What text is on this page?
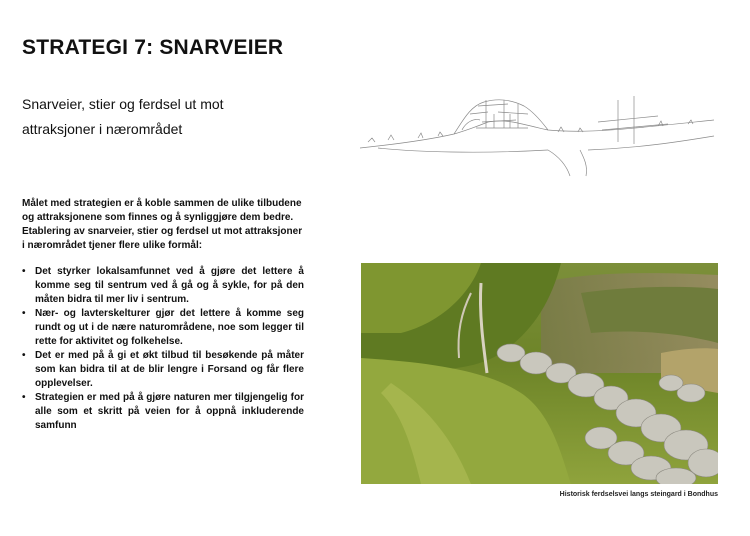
STRATEGI 7: SNARVEIER
Snarveier, stier og ferdsel ut mot attraksjoner i nærområdet

Målet med strategien er å koble sammen de ulike tilbudene og attraksjonene som finnes og å synliggjøre dem bedre. Etablering av snarveier, stier og ferdsel ut mot attraksjoner i nærområdet tjener flere ulike formål:

• Det styrker lokalsamfunnet ved å gjøre det lettere å komme seg til sentrum ved å gå og å sykle, for på den måten bidra til mer liv i sentrum.
• Nær- og lavterskelturer gjør det lettere å komme seg rundt og ut i de nære naturområdene, noe som legger til rette for aktivitet og folkehelse.
• Det er med på å gi et økt tilbud til besøkende på måter som kan bidra til at de blir lengre i Forsand og får flere opplevelser.
• Strategien er med på å gjøre naturen mer tilgjengelig for alle som et skritt på veien for å oppnå inkluderende samfunn

Historisk ferdselsvei langs steingard i Bondhus
